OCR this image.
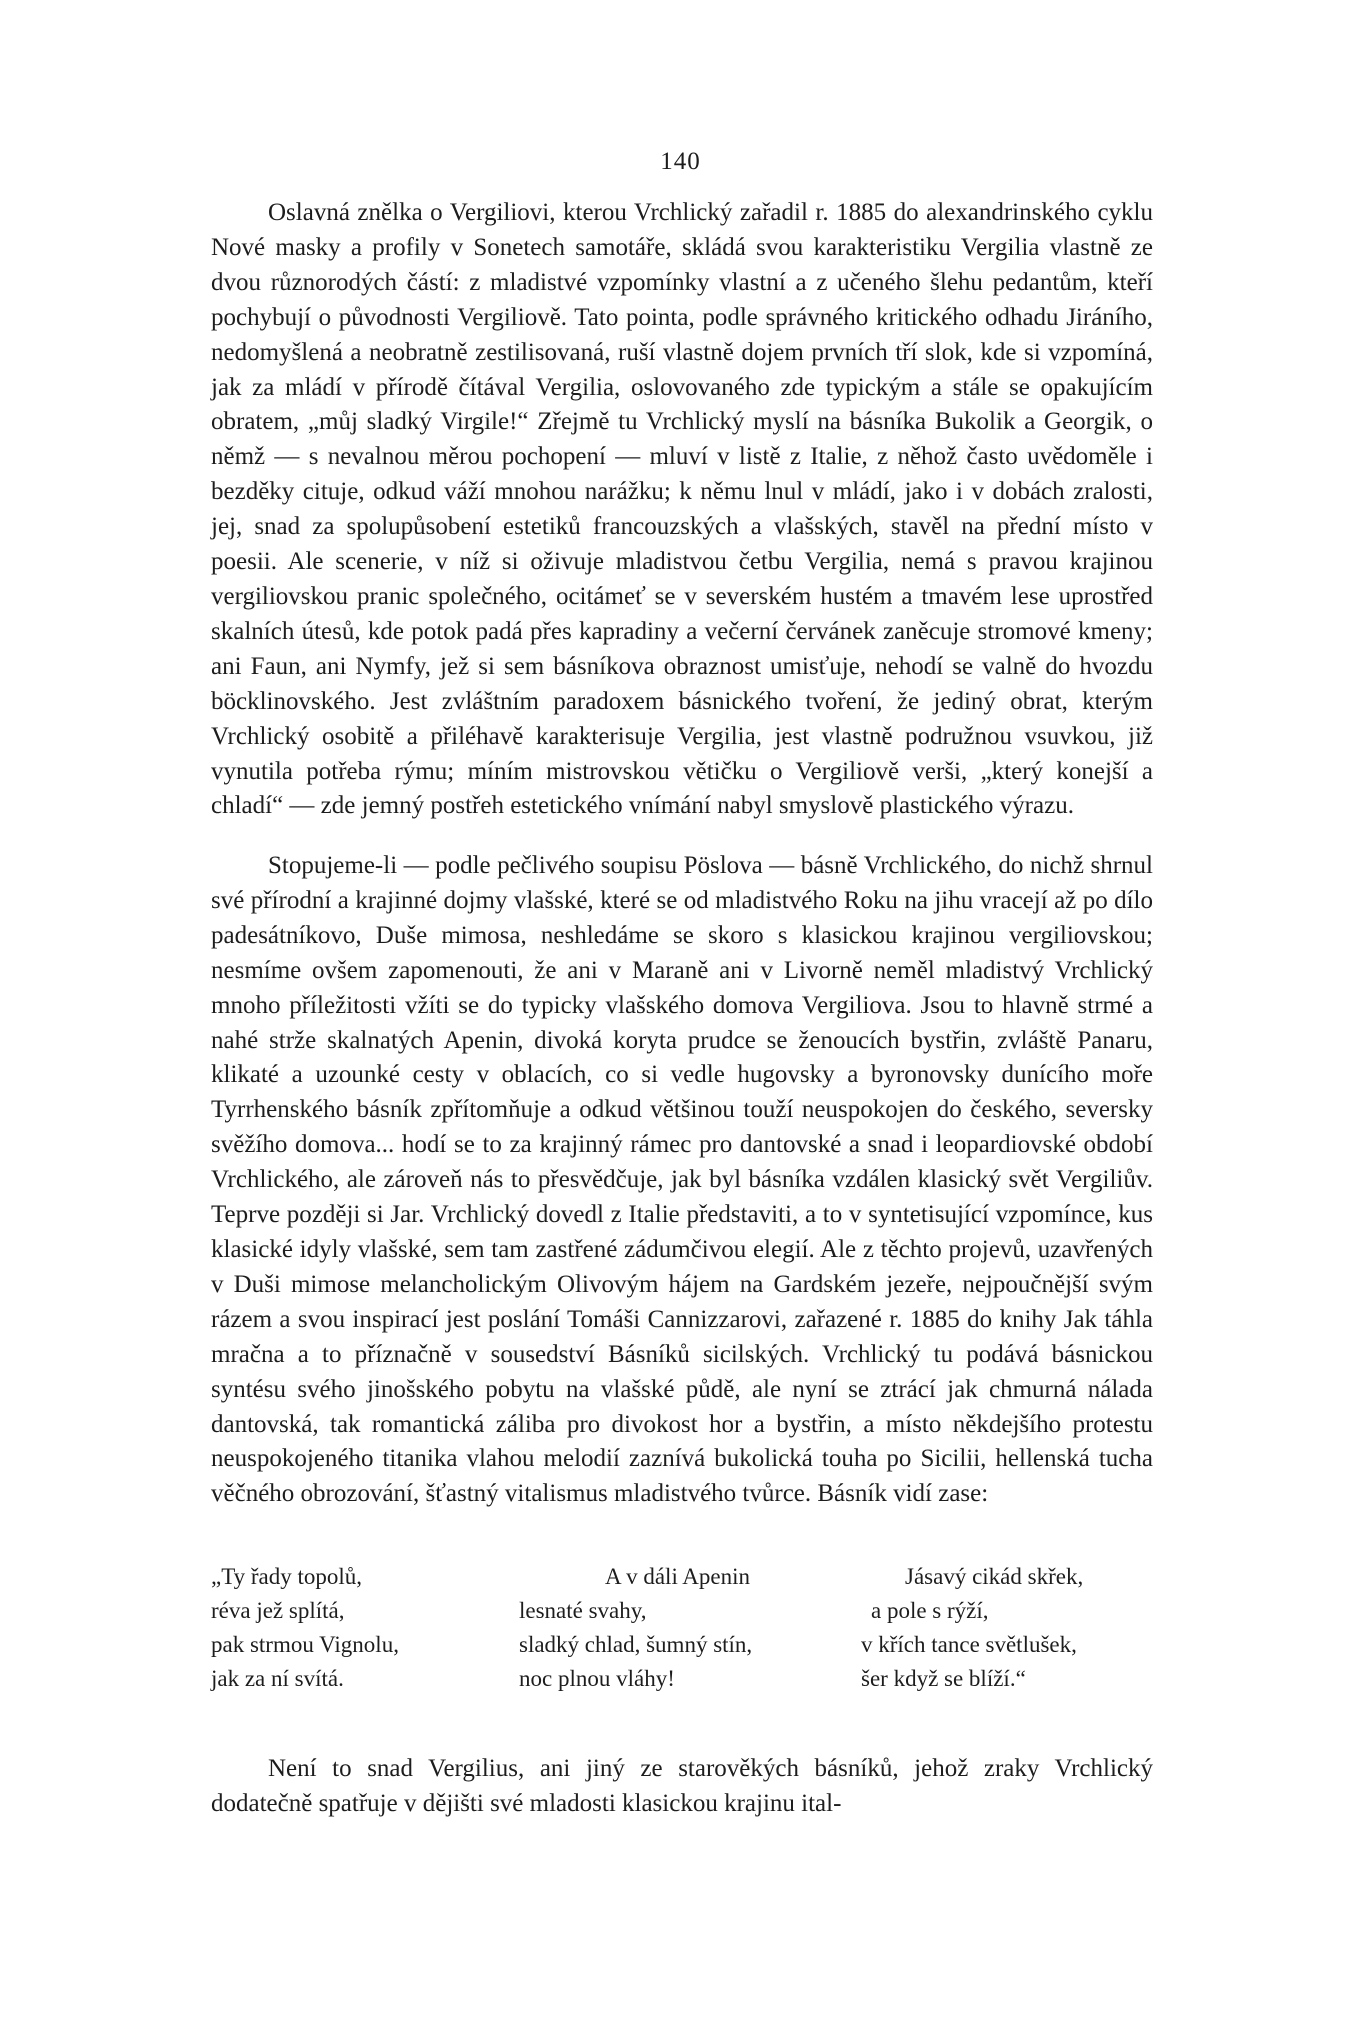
140

Oslavná znělka o Vergiliovi, kterou Vrchlický zařadil r. 1885 do alexandrinského cyklu Nové masky a profily v Sonetech samotáře, skládá svou karakteristiku Vergilia vlastně ze dvou různorodých částí: z mladistvé vzpomínky vlastní a z učeného šlehu pedantům, kteří pochybují o původnosti Vergiliově. Tato pointa, podle správného kritického odhadu Jiráního, nedomyšlená a neobratně zestilisovaná, ruší vlastně dojem prvních tří slok, kde si vzpomíná, jak za mládí v přírodě čítával Vergilia, oslovovaného zde typickým a stále se opakujícím obratem, „můj sladký Virgile!“ Zřejmě tu Vrchlický myslí na básníka Bukolik a Georgik, o němž — s nevalnou měrou pochopení — mluví v listě z Italie, z něhož často uvědoměle i bezděky cituje, odkud váží mnohou narážku; k němu lnul v mládí, jako i v dobách zralosti, jej, snad za spolupůsobení estetiků francouzských a vlašských, stavěl na přední místo v poesii. Ale scenerie, v níž si oživuje mladistvou četbu Vergilia, nemá s pravou krajinou vergiliovskou pranic společného, ocitámeť se v severském hustém a tmavém lese uprostřed skalních útesů, kde potok padá přes kapradiny a večerní červánek zaněcuje stromové kmeny; ani Faun, ani Nymfy, jež si sem básníkova obraznost umisťuje, nehodí se valně do hvozdu böcklinovského. Jest zvláštním paradoxem básnického tvoření, že jediný obrat, kterým Vrchlický osobitě a přiléhavě karakterisuje Vergilia, jest vlastně podružnou vsuvkou, již vynutila potřeba rýmu; míním mistrovskou větičku o Vergiliově verši, „který konejší a chladí“ — zde jemný postřeh estetického vnímání nabyl smyslově plastického výrazu.

Stopujeme-li — podle pečlivého soupisu Pöslova — básně Vrchlického, do nichž shrnul své přírodní a krajinné dojmy vlašské, které se od mladistvého Roku na jihu vracejí až po dílo padesátníkovo, Duše mimosa, neshledáme se skoro s klasickou krajinou vergiliovskou; nesmíme ovšem zapomenouti, že ani v Maraně ani v Livorně neměl mladistvý Vrchlický mnoho příležitosti vžíti se do typicky vlašského domova Vergiliova. Jsou to hlavně strmé a nahé strže skalnatých Apenin, divoká koryta prudce se ženoucích bystřin, zvláště Panaru, klikaté a uzounké cesty v oblacích, co si vedle hugovsky a byronovsky dunícího moře Tyrrhenského básník zpřítomňuje a odkud většinou touží neuspokojen do českého, seversky svěžího domova... hodí se to za krajinný rámec pro dantovské a snad i leopardiovské období Vrchlického, ale zároveň nás to přesvědčuje, jak byl básníka vzdálen klasický svět Vergiliův. Teprve později si Jar. Vrchlický dovedl z Italie představiti, a to v syntetisující vzpomínce, kus klasické idyly vlašské, sem tam zastřené zádumčivou elegií. Ale z těchto projevů, uzavřených v Duši mimose melancholickým Olivovým hájem na Gardském jezeře, nejpoučnější svým rázem a svou inspirací jest poslání Tomáši Cannizzarovi, zařazené r. 1885 do knihy Jak táhla mračna a to příznačně v sousedství Básníků sicilských. Vrchlický tu podává básnickou syntésu svého jinošského pobytu na vlašské půdě, ale nyní se ztrácí jak chmurná nálada dantovská, tak romantická záliba pro divokost hor a bystřin, a místo někdejšího protestu neuspokojeného titanika vlahou melodií zaznívá bukolická touha po Sicilii, hellenská tucha věčného obrozování, šťastný vitalismus mladistvého tvůrce. Básník vidí zase:

„Ty řady topolů,
réva jež splítá,
pak strmou Vignolu,
jak za ní svítá.
A v dáli Apenin
lesnaté svahy,
sladký chlad, šumný stín,
noc plnou vláhy!
Jásavý cikád skřek,
a pole s rýží,
v křích tance světlušek,
šer když se blíží.“

Není to snad Vergilius, ani jiný ze starověkých básníků, jehož zraky Vrchlický dodatečně spatřuje v dějišti své mladosti klasickou krajinu ital-
